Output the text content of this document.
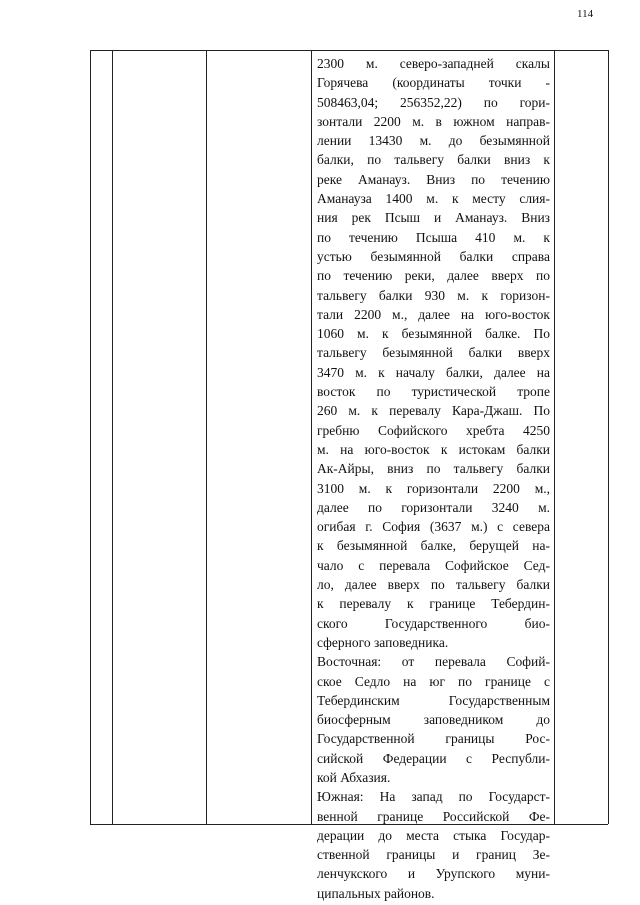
114
2300 м. северо-западней скалы
Горячева (координаты точки -
508463,04; 256352,22) по гори-
зонтали 2200 м. в южном направ-
лении 13430 м. до безымянной
балки, по тальвегу балки вниз к
реке Аманауз. Вниз по течению
Аманауза 1400 м. к месту слия-
ния рек Псыш и Аманауз. Вниз
по течению Псыша 410 м. к
устью безымянной балки справа
по течению реки, далее вверх по
тальвегу балки 930 м. к горизон-
тали 2200 м., далее на юго-восток
1060 м. к безымянной балке. По
тальвегу безымянной балки вверх
3470 м. к началу балки, далее на
восток по туристической тропе
260 м. к перевалу Кара-Джаш. По
гребню Софийского хребта 4250
м. на юго-восток к истокам балки
Ак-Айры, вниз по тальвегу балки
3100 м. к горизонтали 2200 м.,
далее по горизонтали 3240 м.
огибая г. София (3637 м.) с севера
к безымянной балке, берущей на-
чало с перевала Софийское Сед-
ло, далее вверх по тальвегу балки
к перевалу к границе Тебердин-
ского Государственного био-
сферного заповедника.
Восточная: от перевала Софий-
ское Седло на юг по границе с
Тебердинским Государственным
биосферным заповедником до
Государственной границы Рос-
сийской Федерации с Республи-
кой Абхазия.
Южная: На запад по Государст-
венной границе Российской Фе-
дерации до места стыка Государ-
ственной границы и границ Зе-
ленчукского и Урупского муни-
ципальных районов.
